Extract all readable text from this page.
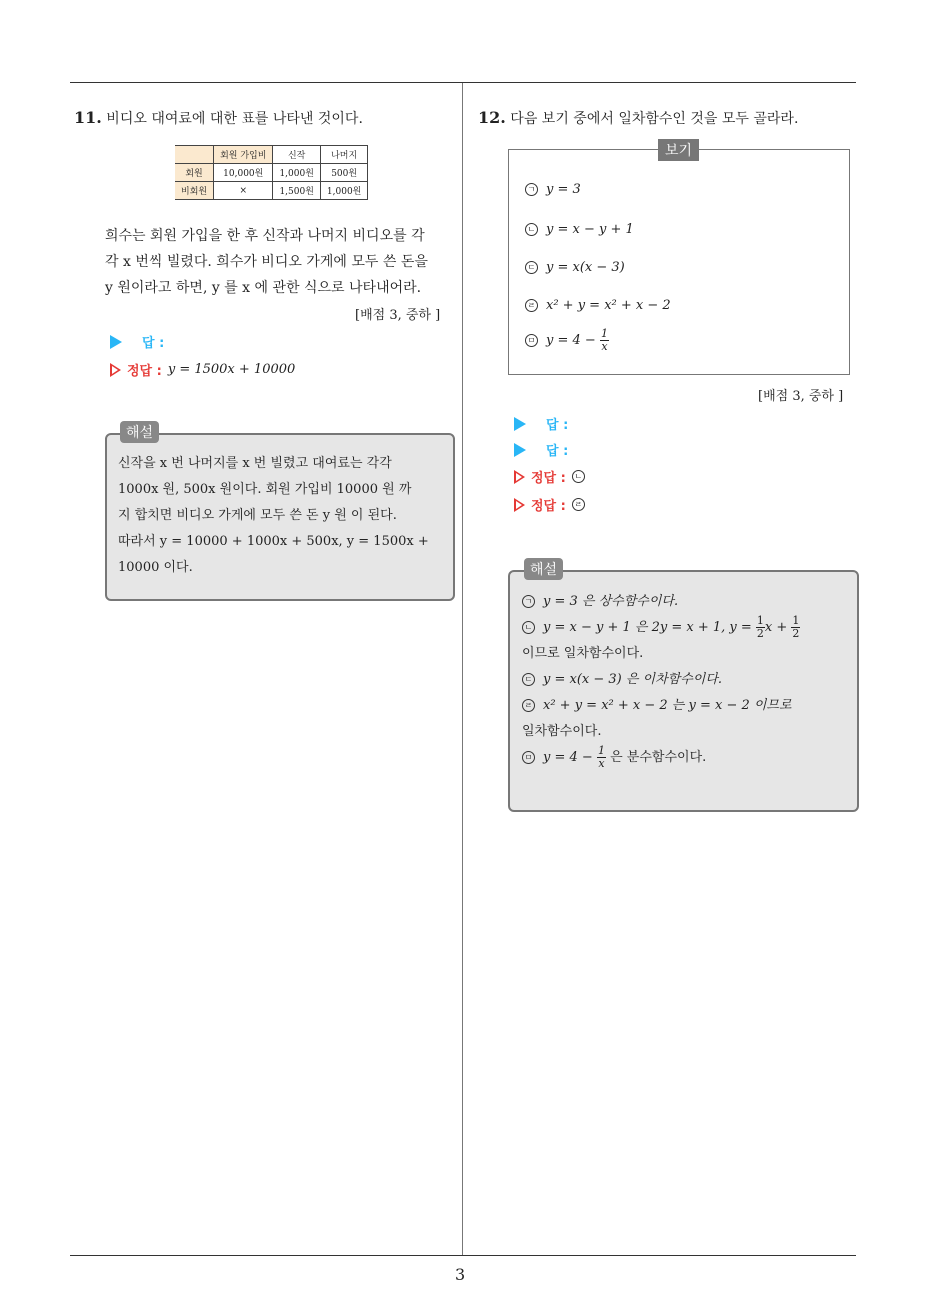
3
11. 비디오 대여료에 대한 표를 나타낸 것이다.
	회원 가입비	신작	나머지
회원	10,000원	1,000원	500원
비회원	×	1,500원	1,000원
희수는 회원 가입을 한 후 신작과 나머지 비디오를 각
각 x 번씩 빌렸다. 희수가 비디오 가게에 모두 쓴 돈을
y 원이라고 하면, y 를 x 에 관한 식으로 나타내어라.
[배점 3, 중하 ]
답 :
정답 : y = 1500x + 10000
해설
신작을 x 번 나머지를 x 번 빌렸고 대여료는 각각
1000x 원, 500x 원이다. 회원 가입비 10000 원 까
지 합치면 비디오 가게에 모두 쓴 돈 y 원 이 된다.
따라서 y = 10000 + 1000x + 500x, y = 1500x +
10000 이다.
12. 다음 보기 중에서 일차함수인 것을 모두 골라라.
보기
ㄱ y = 3
ㄴ y = x − y + 1
ㄷ y = x(x − 3)
ㄹ x² + y = x² + x − 2
ㅁ $y = 4 - \frac{1}{x}$
[배점 3, 중하 ]
답 :
답 :
정답 :	ㄴ
정답 :	ㄹ
해설
ㄱ y = 3 은 상수함수이다.
ㄴ y = x − y + 1 은 2y = x + 1, $y = \frac{1}{2}$ $x + \frac{1}{2}$
이므로 일차함수이다.
ㄷ y = x(x − 3) 은 이차함수이다.
ㄹ x² + y = x² + x − 2 는 y = x − 2 이므로
일차함수이다.
ㅁ $y = 4 - \frac{1}{x}$ 은 분수함수이다.
